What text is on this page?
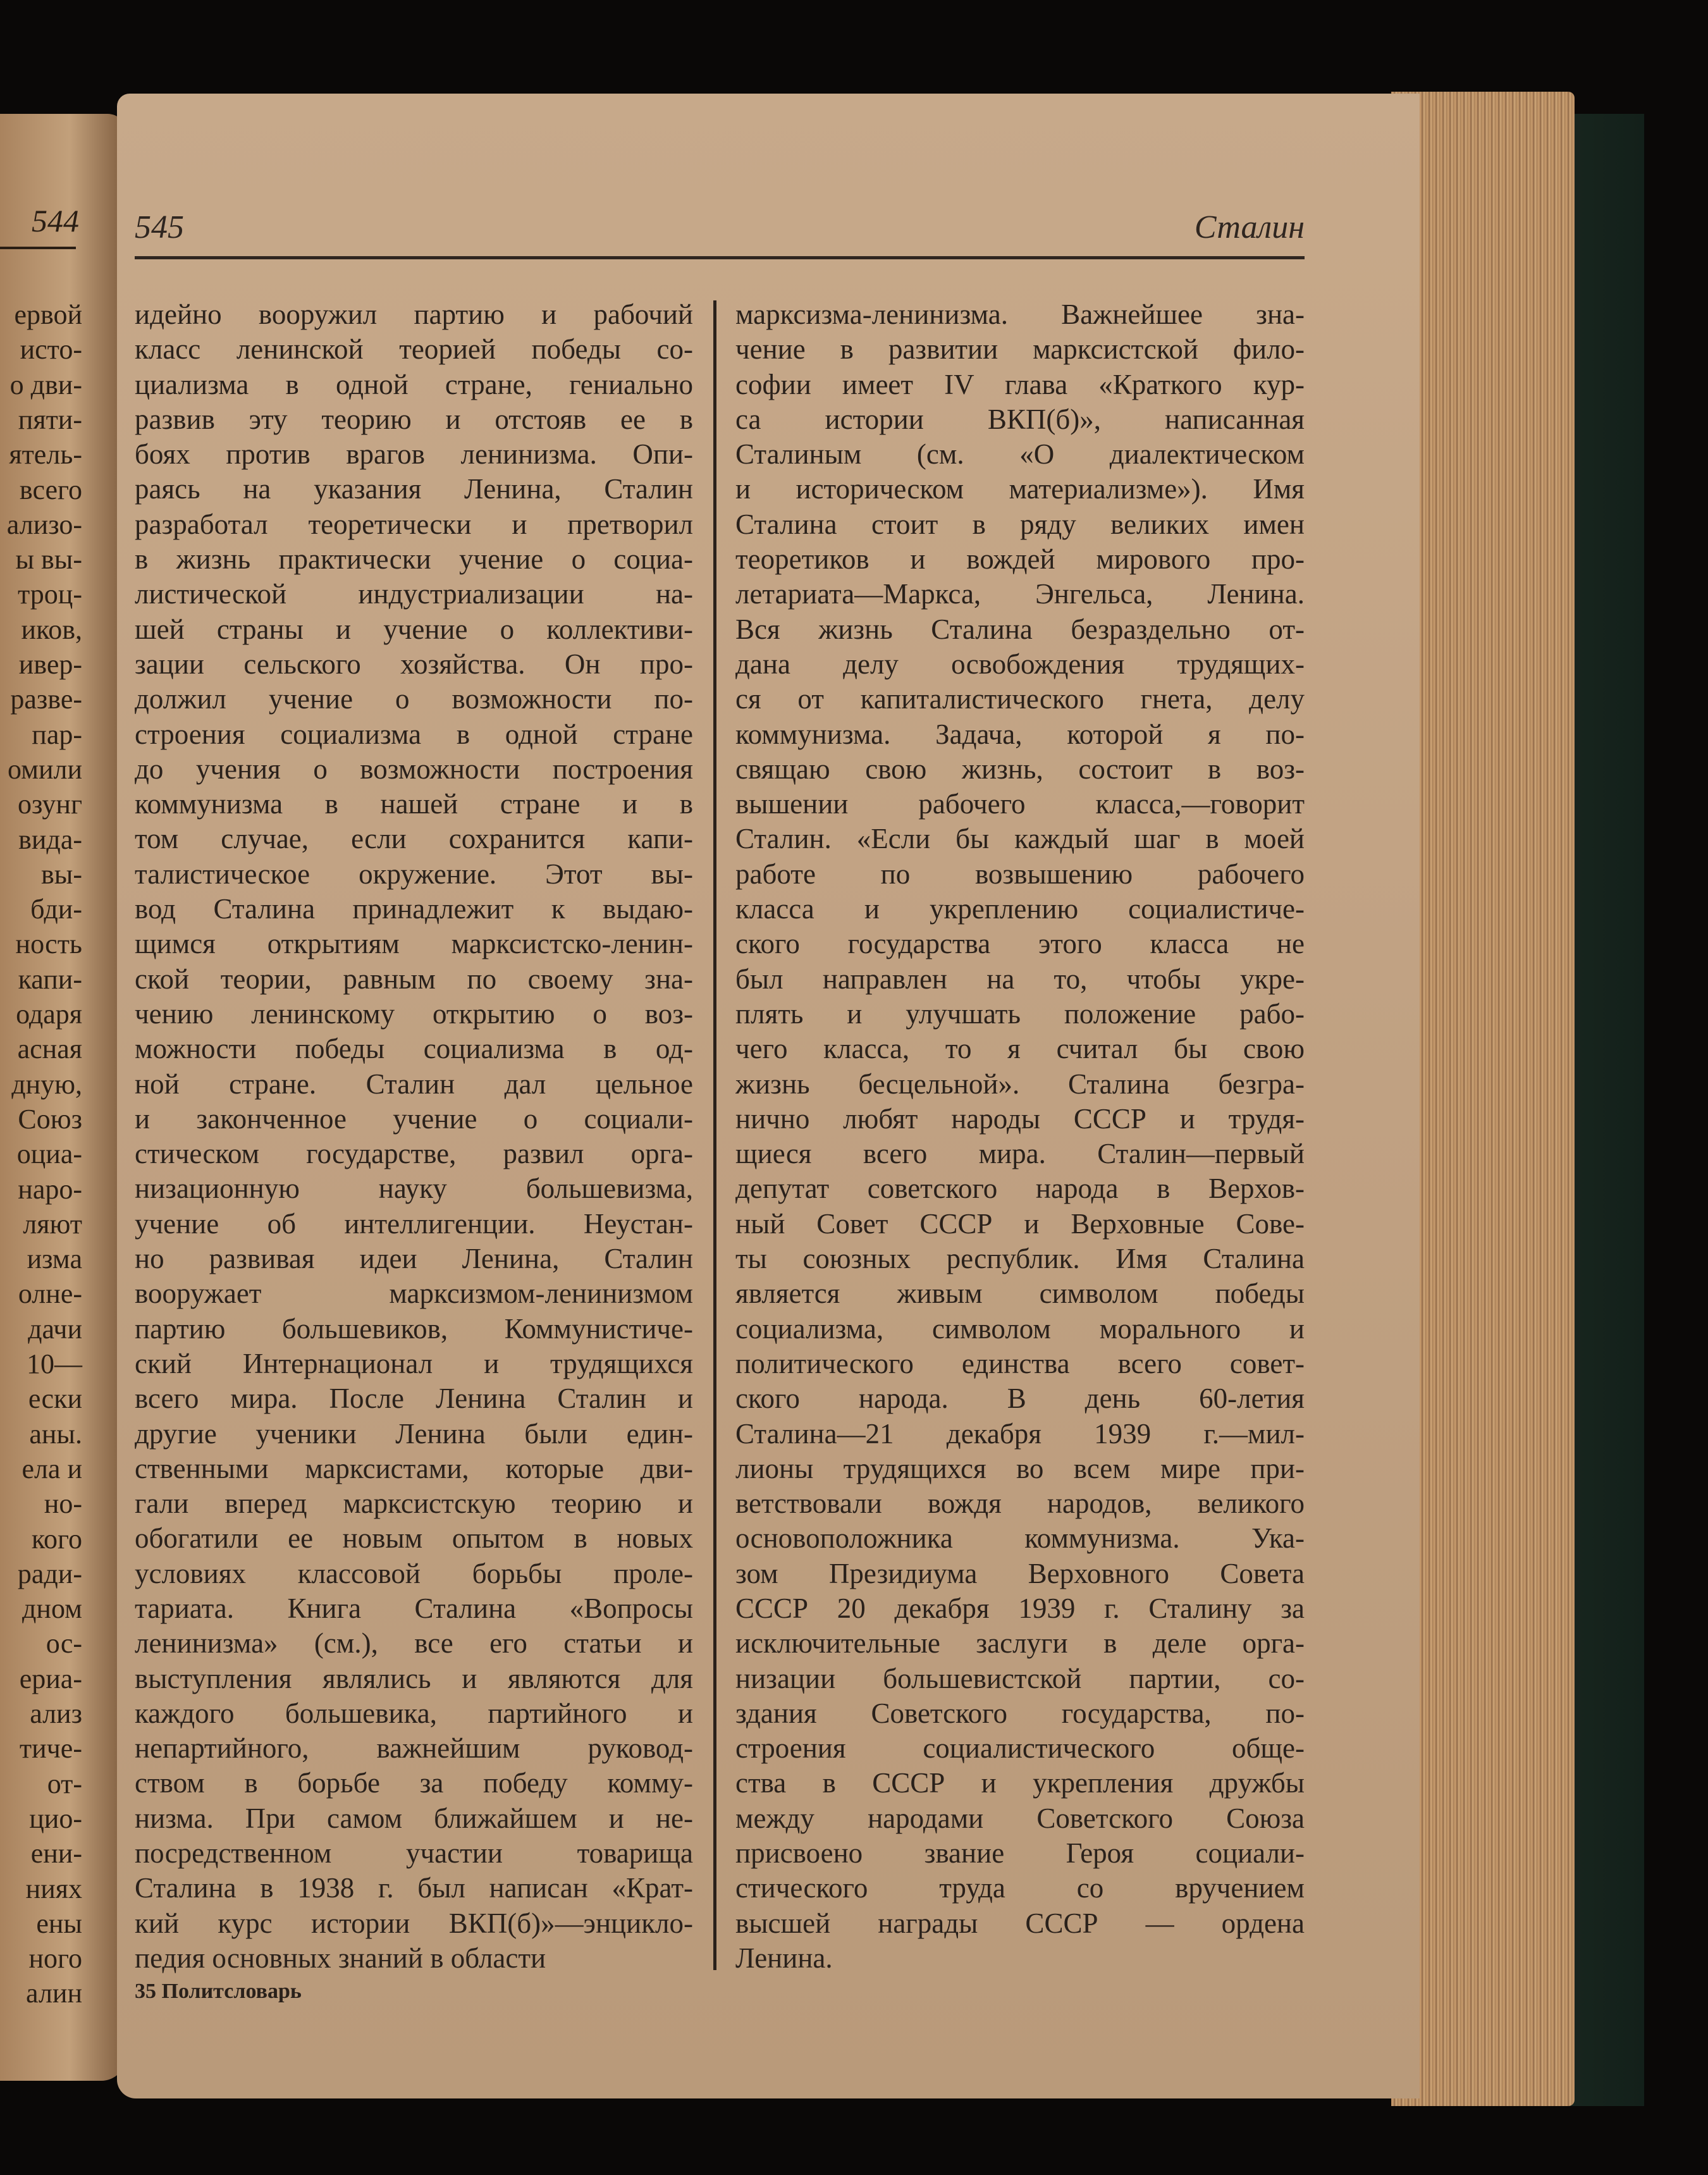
544
ервой
исто-
о дви-
пяти-
ятель-
всего
ализо-
ы вы-
троц-
иков,
ивер-
разве-
пар-
омили
озунг
вида-
вы-
бди-
ность
капи-
одаря
асная
дную,
Союз
оциа-
наро-
ляют
изма
олне-
дачи
10—
ески
аны.
ела и
но-
кого
ради-
дном
ос-
ериа-
ализ
тиче-
от-
цио-
ени-
ниях
ены
ного
алин
545	Сталин
идейно вооружил партию и рабочий
класс ленинской теорией победы со-
циализма в одной стране, гениально
развив эту теорию и отстояв ее в
боях против врагов ленинизма. Опи-
раясь на указания Ленина, Сталин
разработал теоретически и претворил
в жизнь практически учение о социа-
листической индустриализации на-
шей страны и учение о коллективи-
зации сельского хозяйства. Он про-
должил учение о возможности по-
строения социализма в одной стране
до учения о возможности построения
коммунизма в нашей стране и в
том случае, если сохранится капи-
талистическое окружение. Этот вы-
вод Сталина принадлежит к выдаю-
щимся открытиям марксистско-ленин-
ской теории, равным по своему зна-
чению ленинскому открытию о воз-
можности победы социализма в од-
ной стране. Сталин дал цельное
и законченное учение о социали-
стическом государстве, развил орга-
низационную науку большевизма,
учение об интеллигенции. Неустан-
но развивая идеи Ленина, Сталин
вооружает марксизмом-ленинизмом
партию большевиков, Коммунистиче-
ский Интернационал и трудящихся
всего мира. После Ленина Сталин и
другие ученики Ленина были един-
ственными марксистами, которые дви-
гали вперед марксистскую теорию и
обогатили ее новым опытом в новых
условиях классовой борьбы проле-
тариата. Книга Сталина «Вопросы
ленинизма» (см.), все его статьи и
выступления являлись и являются для
каждого большевика, партийного и
непартийного, важнейшим руковод-
ством в борьбе за победу комму-
низма. При самом ближайшем и не-
посредственном участии товарища
Сталина в 1938 г. был написан «Крат-
кий курс истории ВКП(б)»—энцикло-
педия основных знаний в области
марксизма-ленинизма. Важнейшее зна-
чение в развитии марксистской фило-
софии имеет IV глава «Краткого кур-
са истории ВКП(б)», написанная
Сталиным (см. «О диалектическом
и историческом материализме»). Имя
Сталина стоит в ряду великих имен
теоретиков и вождей мирового про-
летариата—Маркса, Энгельса, Ленина.
Вся жизнь Сталина безраздельно от-
дана делу освобождения трудящих-
ся от капиталистического гнета, делу
коммунизма. Задача, которой я по-
свящаю свою жизнь, состоит в воз-
вышении рабочего класса,—говорит
Сталин. «Если бы каждый шаг в моей
работе по возвышению рабочего
класса и укреплению социалистиче-
ского государства этого класса не
был направлен на то, чтобы укре-
плять и улучшать положение рабо-
чего класса, то я считал бы свою
жизнь бесцельной». Сталина безгра-
нично любят народы СССР и трудя-
щиеся всего мира. Сталин—первый
депутат советского народа в Верхов-
ный Совет СССР и Верховные Сове-
ты союзных республик. Имя Сталина
является живым символом победы
социализма, символом морального и
политического единства всего совет-
ского народа. В день 60-летия
Сталина—21 декабря 1939 г.—мил-
лионы трудящихся во всем мире при-
ветствовали вождя народов, великого
основоположника коммунизма. Ука-
зом Президиума Верховного Совета
СССР 20 декабря 1939 г. Сталину за
исключительные заслуги в деле орга-
низации большевистской партии, со-
здания Советского государства, по-
строения социалистического обще-
ства в СССР и укрепления дружбы
между народами Советского Союза
присвоено звание Героя социали-
стического труда со вручением
высшей награды СССР — ордена
Ленина.
35 Политсловарь
